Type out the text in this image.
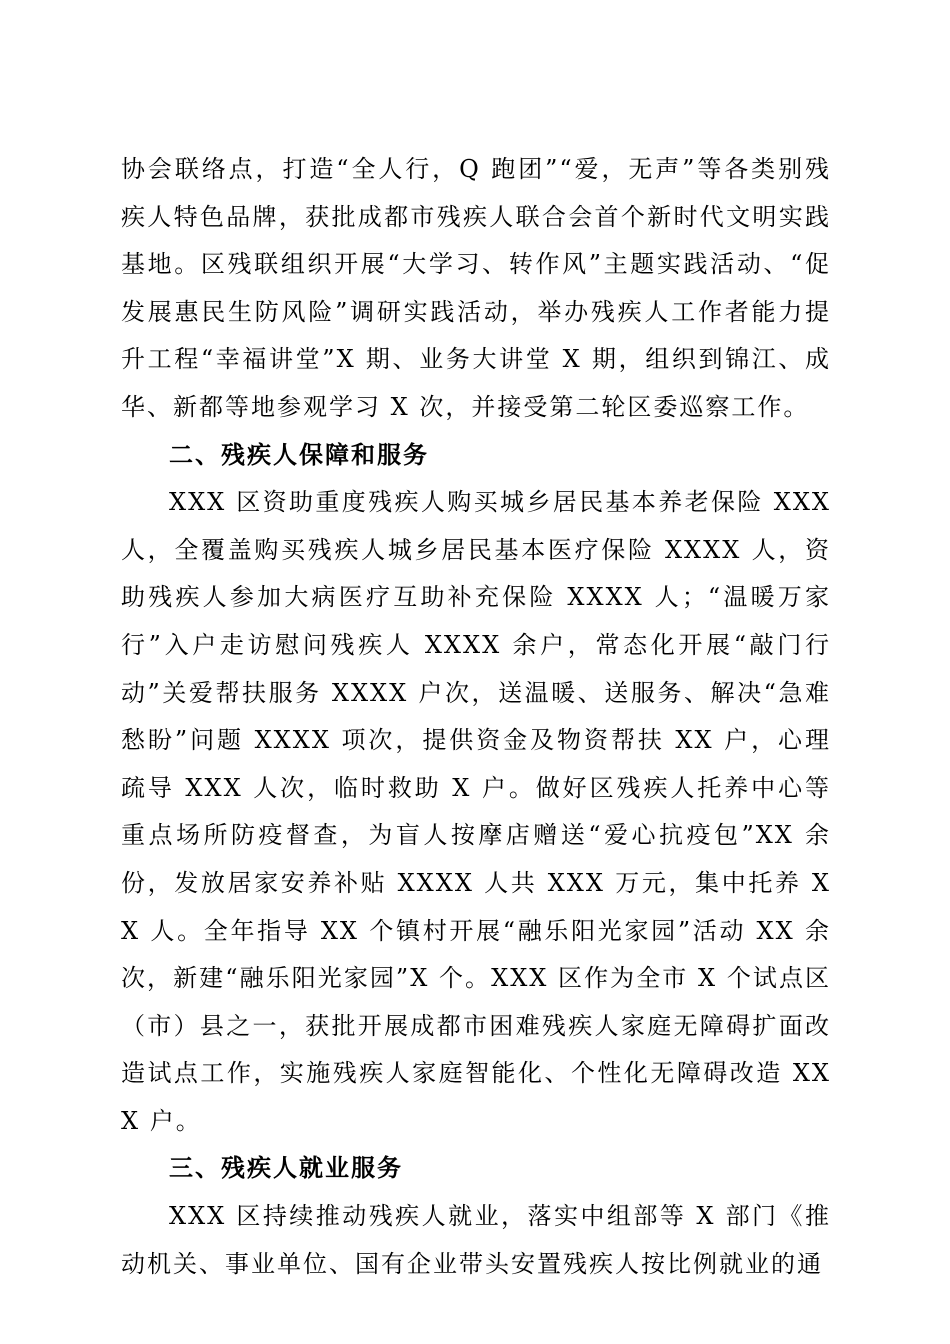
协会联络点，打造“全人行，Q 跑团”“爱，无声”等各类别残疾人特色品牌，获批成都市残疾人联合会首个新时代文明实践基地。区残联组织开展“大学习、转作风”主题实践活动、“促发展惠民生防风险”调研实践活动，举办残疾人工作者能力提升工程“幸福讲堂”X 期、业务大讲堂 X 期，组织到锦江、成华、新都等地参观学习 X 次，并接受第二轮区委巡察工作。

二、残疾人保障和服务

XXX 区资助重度残疾人购买城乡居民基本养老保险 XXX 人，全覆盖购买残疾人城乡居民基本医疗保险 XXXX 人，资助残疾人参加大病医疗互助补充保险 XXXX 人；“温暖万家行”入户走访慰问残疾人 XXXX 余户，常态化开展“敲门行动”关爱帮扶服务 XXXX 户次，送温暖、送服务、解决“急难愁盼”问题 XXXX 项次，提供资金及物资帮扶 XX 户，心理疏导 XXX 人次，临时救助 X 户。做好区残疾人托养中心等重点场所防疫督查，为盲人按摩店赠送“爱心抗疫包”XX 余份，发放居家安养补贴 XXXX 人共 XXX 万元，集中托养 XX 人。全年指导 XX 个镇村开展“融乐阳光家园”活动 XX 余次，新建“融乐阳光家园”X 个。XXX 区作为全市 X 个试点区（市）县之一，获批开展成都市困难残疾人家庭无障碍扩面改造试点工作，实施残疾人家庭智能化、个性化无障碍改造 XXX 户。

三、残疾人就业服务

XXX 区持续推动残疾人就业，落实中组部等 X 部门《推动机关、事业单位、国有企业带头安置残疾人按比例就业的通
